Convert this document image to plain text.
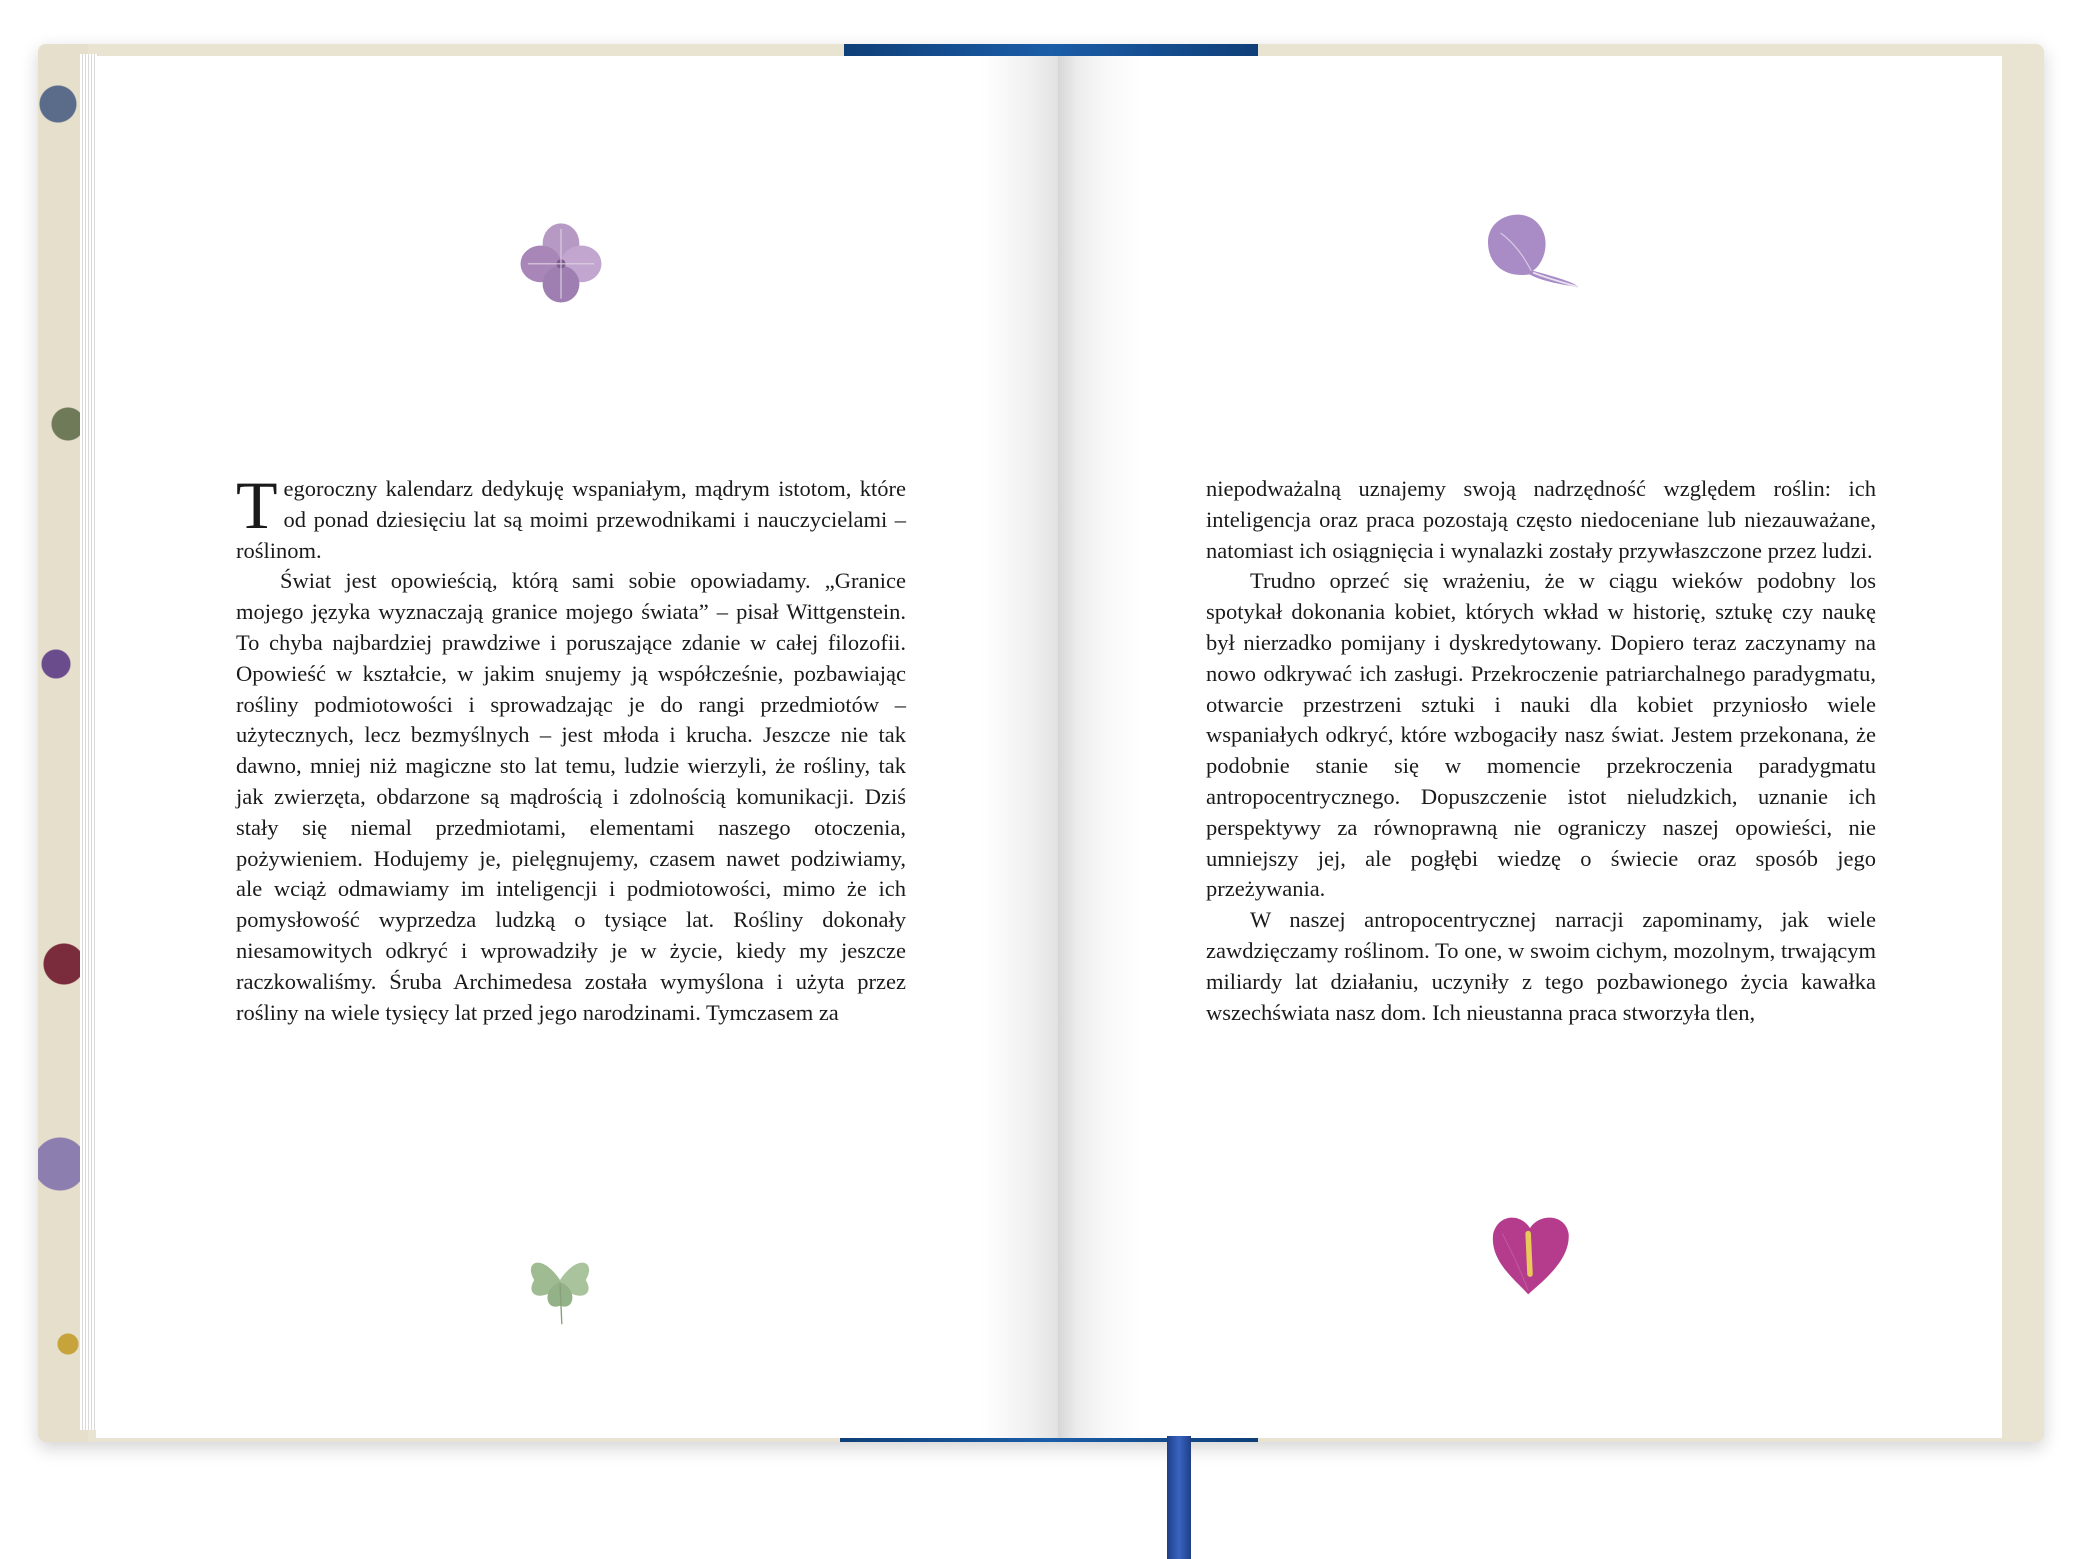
Tegoroczny kalendarz dedykuję wspaniałym, mądrym istotom, które od ponad dziesięciu lat są moimi przewodnikami i nauczycielami – roślinom.

Świat jest opowieścią, którą sami sobie opowiadamy. „Granice mojego języka wyznaczają granice mojego świata” – pisał Wittgenstein. To chyba najbardziej prawdziwe i poruszające zdanie w całej filozofii. Opowieść w kształcie, w jakim snujemy ją współcześnie, pozbawiając rośliny podmiotowości i sprowadzając je do rangi przedmiotów – użytecznych, lecz bezmyślnych – jest młoda i krucha. Jeszcze nie tak dawno, mniej niż magiczne sto lat temu, ludzie wierzyli, że rośliny, tak jak zwierzęta, obdarzone są mądrością i zdolnością komunikacji. Dziś stały się niemal przedmiotami, elementami naszego otoczenia, pożywieniem. Hodujemy je, pielęgnujemy, czasem nawet podziwiamy, ale wciąż odmawiamy im inteligencji i podmiotowości, mimo że ich pomysłowość wyprzedza ludzką o tysiące lat. Rośliny dokonały niesamowitych odkryć i wprowadziły je w życie, kiedy my jeszcze raczkowaliśmy. Śruba Archimedesa została wymyślona i użyta przez rośliny na wiele tysięcy lat przed jego narodzinami. Tymczasem za

niepodważalną uznajemy swoją nadrzędność względem roślin: ich inteligencja oraz praca pozostają często niedoceniane lub niezauważane, natomiast ich osiągnięcia i wynalazki zostały przywłaszczone przez ludzi.

Trudno oprzeć się wrażeniu, że w ciągu wieków podobny los spotykał dokonania kobiet, których wkład w historię, sztukę czy naukę był nierzadko pomijany i dyskredytowany. Dopiero teraz zaczynamy na nowo odkrywać ich zasługi. Przekroczenie patriarchalnego paradygmatu, otwarcie przestrzeni sztuki i nauki dla kobiet przyniosło wiele wspaniałych odkryć, które wzbogaciły nasz świat. Jestem przekonana, że podobnie stanie się w momencie przekroczenia paradygmatu antropocentrycznego. Dopuszczenie istot nieludzkich, uznanie ich perspektywy za równoprawną nie ograniczy naszej opowieści, nie umniejszy jej, ale pogłębi wiedzę o świecie oraz sposób jego przeżywania.

W naszej antropocentrycznej narracji zapominamy, jak wiele zawdzięczamy roślinom. To one, w swoim cichym, mozolnym, trwającym miliardy lat działaniu, uczyniły z tego pozbawionego życia kawałka wszechświata nasz dom. Ich nieustanna praca stworzyła tlen,
